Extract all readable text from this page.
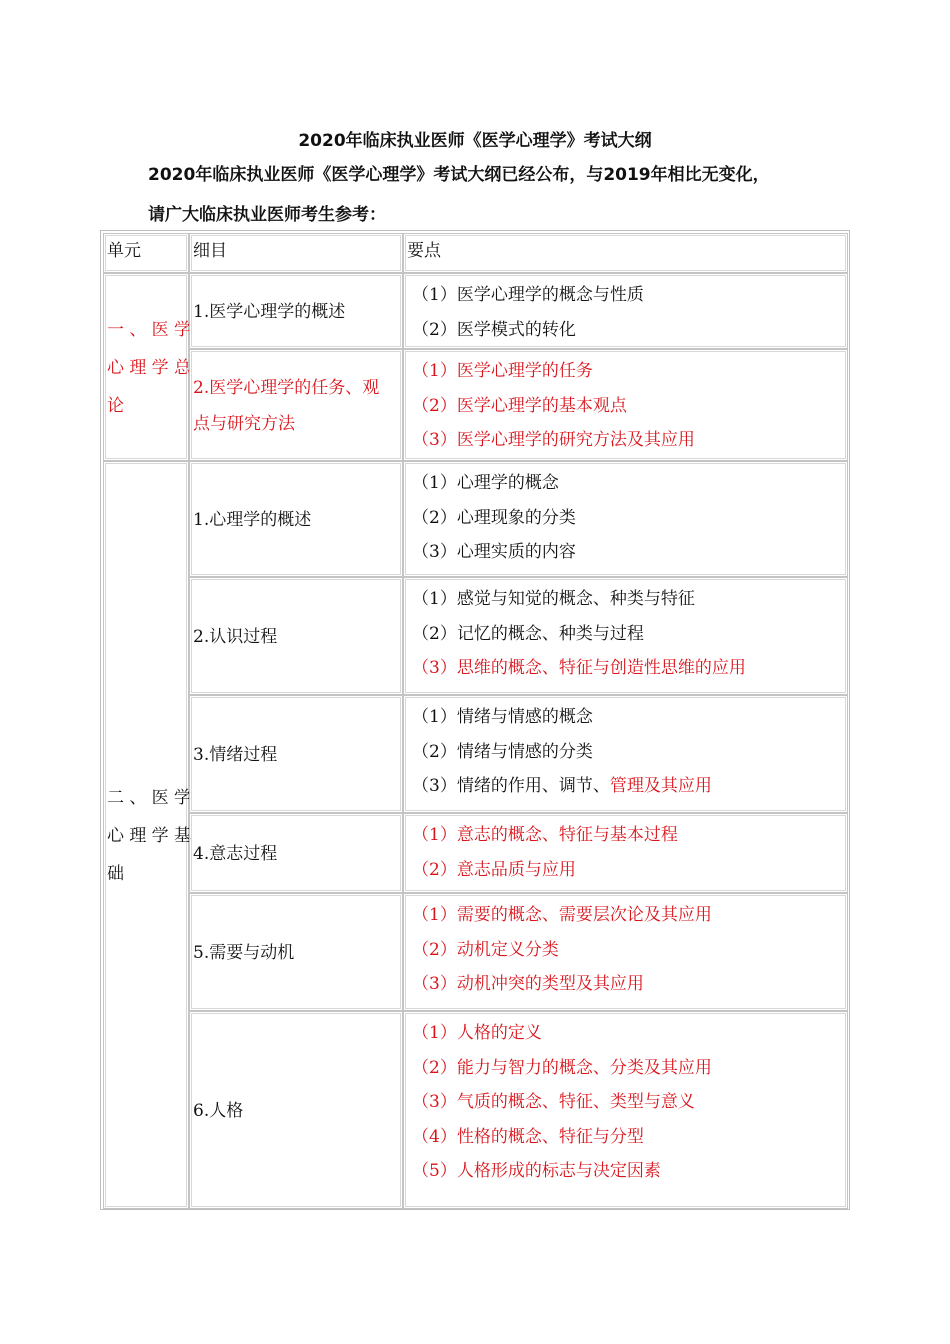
2020年临床执业医师《医学心理学》考试大纲
2020年临床执业医师《医学心理学》考试大纲已经公布，与2019年相比无变化，
请广大临床执业医师考生参考：
单元	细目	要点
一、医学
心理学总
论
1.医学心理学的概述
（1）医学心理学的概念与性质
（2）医学模式的转化
2.医学心理学的任务、观
点与研究方法
（1）医学心理学的任务
（2）医学心理学的基本观点
（3）医学心理学的研究方法及其应用
二、医学
心理学基
础
1.心理学的概述
（1）心理学的概念
（2）心理现象的分类
（3）心理实质的内容
2.认识过程
（1）感觉与知觉的概念、种类与特征
（2）记忆的概念、种类与过程
（3）思维的概念、特征与创造性思维的应用
3.情绪过程
（1）情绪与情感的概念
（2）情绪与情感的分类
（3）情绪的作用、调节、管理及其应用
4.意志过程
（1）意志的概念、特征与基本过程
（2）意志品质与应用
5.需要与动机
（1）需要的概念、需要层次论及其应用
（2）动机定义分类
（3）动机冲突的类型及其应用
6.人格
（1）人格的定义
（2）能力与智力的概念、分类及其应用
（3）气质的概念、特征、类型与意义
（4）性格的概念、特征与分型
（5）人格形成的标志与决定因素
